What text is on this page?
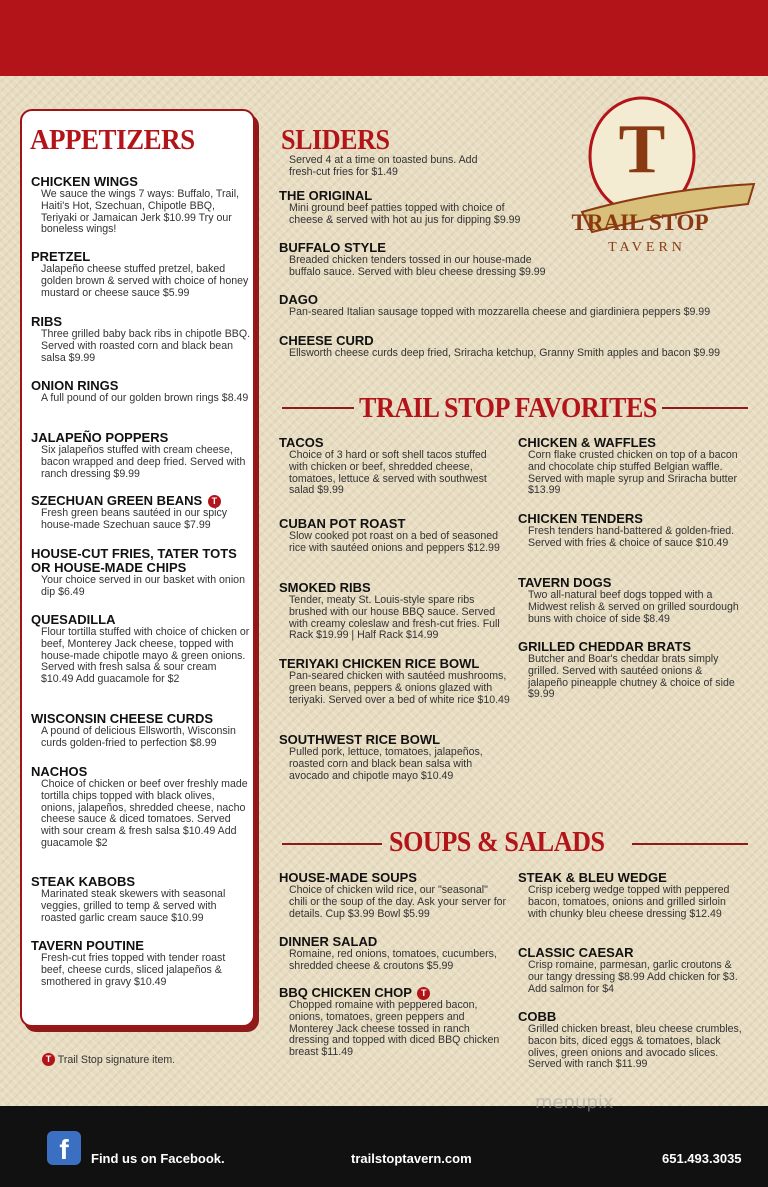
APPETIZERS
CHICKEN WINGS
We sauce the wings 7 ways: Buffalo, Trail, Haiti's Hot, Szechuan, Chipotle BBQ, Teriyaki or Jamaican Jerk $10.99 Try our boneless wings!
PRETZEL
Jalapeño cheese stuffed pretzel, baked golden brown & served with choice of honey mustard or cheese sauce $5.99
RIBS
Three grilled baby back ribs in chipotle BBQ. Served with roasted corn and black bean salsa $9.99
ONION RINGS
A full pound of our golden brown rings $8.49
JALAPEÑO POPPERS
Six jalapeños stuffed with cream cheese, bacon wrapped and deep fried. Served with ranch dressing $9.99
SZECHUAN GREEN BEANS T
Fresh green beans sautéed in our spicy house-made Szechuan sauce $7.99
HOUSE-CUT FRIES, TATER TOTS OR HOUSE-MADE CHIPS
Your choice served in our basket with onion dip $6.49
QUESADILLA
Flour tortilla stuffed with choice of chicken or beef, Monterey Jack cheese, topped with house-made chipotle mayo & green onions. Served with fresh salsa & sour cream $10.49 Add guacamole for $2
WISCONSIN CHEESE CURDS
A pound of delicious Ellsworth, Wisconsin curds golden-fried to perfection $8.99
NACHOS
Choice of chicken or beef over freshly made tortilla chips topped with black olives, onions, jalapeños, shredded cheese, nacho cheese sauce & diced tomatoes. Served with sour cream & fresh salsa $10.49 Add guacamole $2
STEAK KABOBS
Marinated steak skewers with seasonal veggies, grilled to temp & served with roasted garlic cream sauce $10.99
TAVERN POUTINE
Fresh-cut fries topped with tender roast beef, cheese curds, sliced jalapeños & smothered in gravy $10.49
T Trail Stop signature item.
SLIDERS
Served 4 at a time on toasted buns. Add fresh-cut fries for $1.49
THE ORIGINAL
Mini ground beef patties topped with choice of cheese & served with hot au jus for dipping $9.99
BUFFALO STYLE
Breaded chicken tenders tossed in our house-made buffalo sauce. Served with bleu cheese dressing $9.99
DAGO
Pan-seared Italian sausage topped with mozzarella cheese and giardiniera peppers $9.99
CHEESE CURD
Ellsworth cheese curds deep fried, Sriracha ketchup, Granny Smith apples and bacon $9.99
T
TRAIL STOP
TAVERN
TRAIL STOP FAVORITES
TACOS
Choice of 3 hard or soft shell tacos stuffed with chicken or beef, shredded cheese, tomatoes, lettuce & served with southwest salad $9.99
CUBAN POT ROAST
Slow cooked pot roast on a bed of seasoned rice with sautéed onions and peppers $12.99
SMOKED RIBS
Tender, meaty St. Louis-style spare ribs brushed with our house BBQ sauce. Served with creamy coleslaw and fresh-cut fries. Full Rack $19.99 | Half Rack $14.99
TERIYAKI CHICKEN RICE BOWL
Pan-seared chicken with sautéed mushrooms, green beans, peppers & onions glazed with teriyaki. Served over a bed of white rice $10.49
SOUTHWEST RICE BOWL
Pulled pork, lettuce, tomatoes, jalapeños, roasted corn and black bean salsa with avocado and chipotle mayo $10.49
CHICKEN & WAFFLES
Corn flake crusted chicken on top of a bacon and chocolate chip stuffed Belgian waffle. Served with maple syrup and Sriracha butter $13.99
CHICKEN TENDERS
Fresh tenders hand-battered & golden-fried. Served with fries & choice of sauce $10.49
TAVERN DOGS
Two all-natural beef dogs topped with a Midwest relish & served on grilled sourdough buns with choice of side $8.49
GRILLED CHEDDAR BRATS
Butcher and Boar's cheddar brats simply grilled. Served with sautéed onions & jalapeño pineapple chutney & choice of side $9.99
SOUPS & SALADS
HOUSE-MADE SOUPS
Choice of chicken wild rice, our "seasonal" chili or the soup of the day. Ask your server for details. Cup $3.99 Bowl $5.99
DINNER SALAD
Romaine, red onions, tomatoes, cucumbers, shredded cheese & croutons $5.99
BBQ CHICKEN CHOP T
Chopped romaine with peppered bacon, onions, tomatoes, green peppers and Monterey Jack cheese tossed in ranch dressing and topped with diced BBQ chicken breast $11.49
STEAK & BLEU WEDGE
Crisp iceberg wedge topped with peppered bacon, tomatoes, onions and grilled sirloin with chunky bleu cheese dressing $12.49
CLASSIC CAESAR
Crisp romaine, parmesan, garlic croutons & our tangy dressing $8.99 Add chicken for $3. Add salmon for $4
COBB
Grilled chicken breast, bleu cheese crumbles, bacon bits, diced eggs & tomatoes, black olives, green onions and avocado slices. Served with ranch $11.99
menupix
f	Find us on Facebook.	trailstoptavern.com	651.493.3035
